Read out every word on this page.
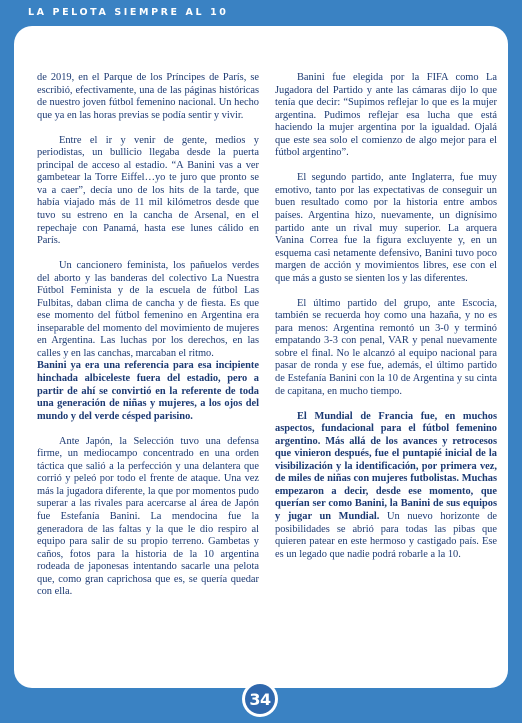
LA PELOTA SIEMPRE AL 10

de 2019, en el Parque de los Príncipes de París, se escribió, efectivamente, una de las páginas históricas de nuestro joven fútbol femenino nacional. Un hecho que ya en las horas previas se podía sentir y vivir.

Entre el ir y venir de gente, medios y periodistas, un bullicio llegaba desde la puerta principal de acceso al estadio. “A Banini vas a ver gambetear la Torre Eiffel…yo te juro que pronto se va a caer”, decía uno de los hits de la tarde, que había viajado más de 11 mil kilómetros desde que tuvo su estreno en la cancha de Arsenal, en el repechaje con Panamá, hasta ese lunes cálido en París.

Un cancionero feminista, los pañuelos verdes del aborto y las banderas del colectivo La Nuestra Fútbol Feminista y de la escuela de fútbol Las Fulbitas, daban clima de cancha y de fiesta. Es que ese momento del fútbol femenino en Argentina era inseparable del momento del movimiento de mujeres en Argentina. Las luchas por los derechos, en las calles y en las canchas, marcaban el ritmo.

Banini ya era una referencia para esa incipiente hinchada albiceleste fuera del estadio, pero a partir de ahí se convirtió en la referente de toda una generación de niñas y mujeres, a los ojos del mundo y del verde césped parisino.

Ante Japón, la Selección tuvo una defensa firme, un mediocampo concentrado en una orden táctica que salió a la perfección y una delantera que corrió y peleó por todo el frente de ataque. Una vez más la jugadora diferente, la que por momentos pudo superar a las rivales para acercarse al área de Japón fue Estefanía Banini. La mendocina fue la generadora de las faltas y la que le dio respiro al equipo para salir de su propio terreno. Gambetas y caños, fotos para la historia de la 10 argentina rodeada de japonesas intentando sacarle una pelota que, como gran caprichosa que es, se quería quedar con ella.

Banini fue elegida por la FIFA como La Jugadora del Partido y ante las cámaras dijo lo que tenía que decir: “Supimos reflejar lo que es la mujer argentina. Pudimos reflejar esa lucha que está haciendo la mujer argentina por la igualdad. Ojalá que este sea solo el comienzo de algo mejor para el fútbol argentino”.

El segundo partido, ante Inglaterra, fue muy emotivo, tanto por las expectativas de conseguir un buen resultado como por la historia entre ambos países. Argentina hizo, nuevamente, un dignísimo partido ante un rival muy superior. La arquera Vanina Correa fue la figura excluyente y, en un esquema casi netamente defensivo, Banini tuvo poco margen de acción y movimientos libres, ese con el que más a gusto se sienten los y las diferentes.

El último partido del grupo, ante Escocia, también se recuerda hoy como una hazaña, y no es para menos: Argentina remontó un 3-0 y terminó empatando 3-3 con penal, VAR y penal nuevamente sobre el final. No le alcanzó al equipo nacional para pasar de ronda y ese fue, además, el último partido de Estefanía Banini con la 10 de Argentina y su cinta de capitana, en mucho tiempo.

El Mundial de Francia fue, en muchos aspectos, fundacional para el fútbol femenino argentino. Más allá de los avances y retrocesos que vinieron después, fue el puntapié inicial de la visibilización y la identificación, por primera vez, de miles de niñas con mujeres futbolistas. Muchas empezaron a decir, desde ese momento, que querían ser como Banini, la Banini de sus equipos y jugar un Mundial. Un nuevo horizonte de posibilidades se abrió para todas las pibas que quieren patear en este hermoso y castigado país. Ese es un legado que nadie podrá robarle a la 10.

34
